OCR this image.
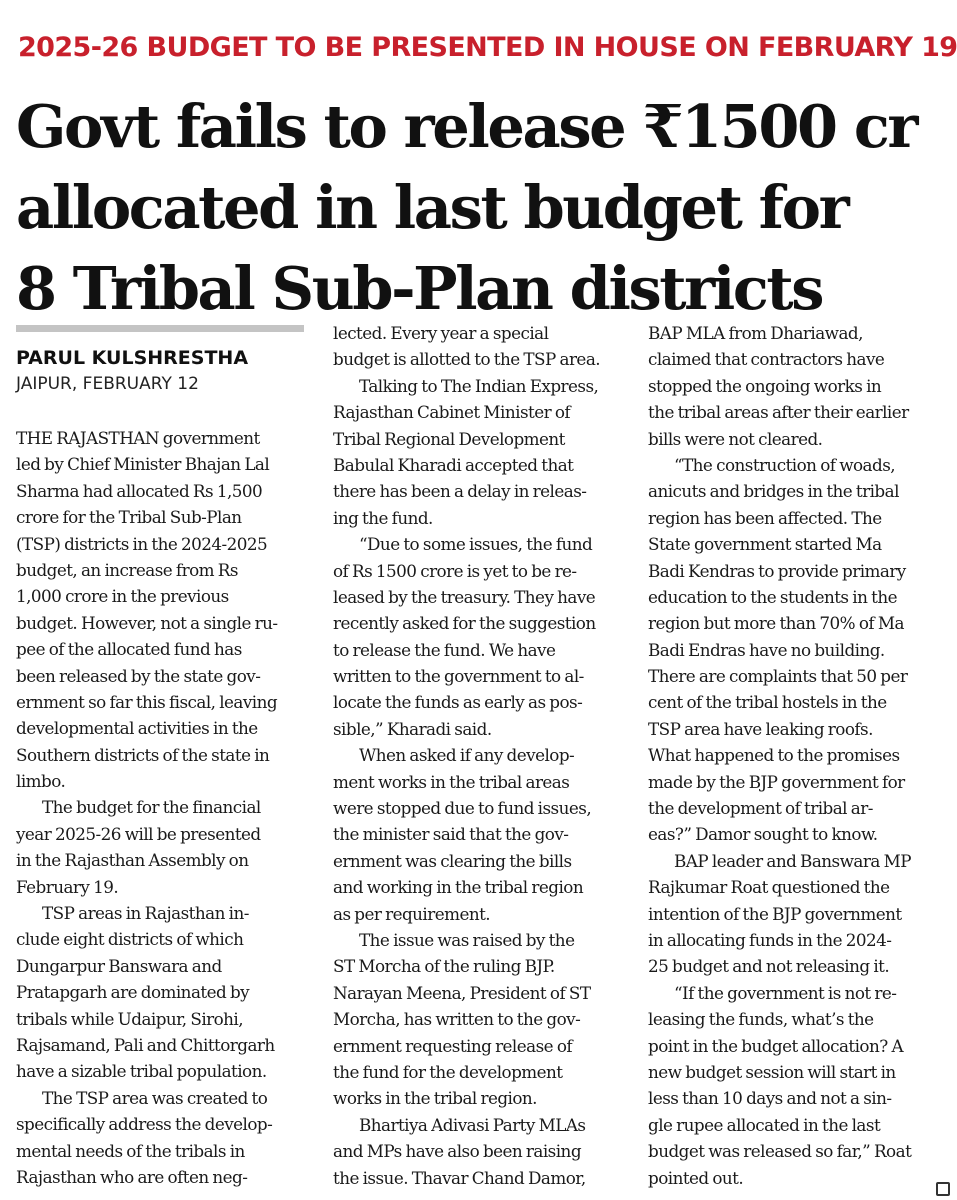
2025-26 BUDGET TO BE PRESENTED IN HOUSE ON FEBRUARY 19
Govt fails to release ₹1500 cr
allocated in last budget for
8 Tribal Sub-Plan districts
PARUL KULSHRESTHA
JAIPUR, FEBRUARY 12
THE RAJASTHAN government
led by Chief Minister Bhajan Lal
Sharma had allocated Rs 1,500
crore for the Tribal Sub-Plan
(TSP) districts in the 2024-2025
budget, an increase from Rs
1,000 crore in the previous
budget. However, not a single ru-
pee of the allocated fund has
been released by the state gov-
ernment so far this fiscal, leaving
developmental activities in the
Southern districts of the state in
limbo.
The budget for the financial
year 2025-26 will be presented
in the Rajasthan Assembly on
February 19.
TSP areas in Rajasthan in-
clude eight districts of which
Dungarpur Banswara and
Pratapgarh are dominated by
tribals while Udaipur, Sirohi,
Rajsamand, Pali and Chittorgarh
have a sizable tribal population.
The TSP area was created to
specifically address the develop-
mental needs of the tribals in
Rajasthan who are often neg-
lected. Every year a special
budget is allotted to the TSP area.
Talking to The Indian Express,
Rajasthan Cabinet Minister of
Tribal Regional Development
Babulal Kharadi accepted that
there has been a delay in releas-
ing the fund.
“Due to some issues, the fund
of Rs 1500 crore is yet to be re-
leased by the treasury. They have
recently asked for the suggestion
to release the fund. We have
written to the government to al-
locate the funds as early as pos-
sible,” Kharadi said.
When asked if any develop-
ment works in the tribal areas
were stopped due to fund issues,
the minister said that the gov-
ernment was clearing the bills
and working in the tribal region
as per requirement.
The issue was raised by the
ST Morcha of the ruling BJP.
Narayan Meena, President of ST
Morcha, has written to the gov-
ernment requesting release of
the fund for the development
works in the tribal region.
Bhartiya Adivasi Party MLAs
and MPs have also been raising
the issue. Thavar Chand Damor,
BAP MLA from Dhariawad,
claimed that contractors have
stopped the ongoing works in
the tribal areas after their earlier
bills were not cleared.
“The construction of woads,
anicuts and bridges in the tribal
region has been affected. The
State government started Ma
Badi Kendras to provide primary
education to the students in the
region but more than 70% of Ma
Badi Endras have no building.
There are complaints that 50 per
cent of the tribal hostels in the
TSP area have leaking roofs.
What happened to the promises
made by the BJP government for
the development of tribal ar-
eas?” Damor sought to know.
BAP leader and Banswara MP
Rajkumar Roat questioned the
intention of the BJP government
in allocating funds in the 2024-
25 budget and not releasing it.
“If the government is not re-
leasing the funds, what’s the
point in the budget allocation? A
new budget session will start in
less than 10 days and not a sin-
gle rupee allocated in the last
budget was released so far,” Roat
pointed out.
